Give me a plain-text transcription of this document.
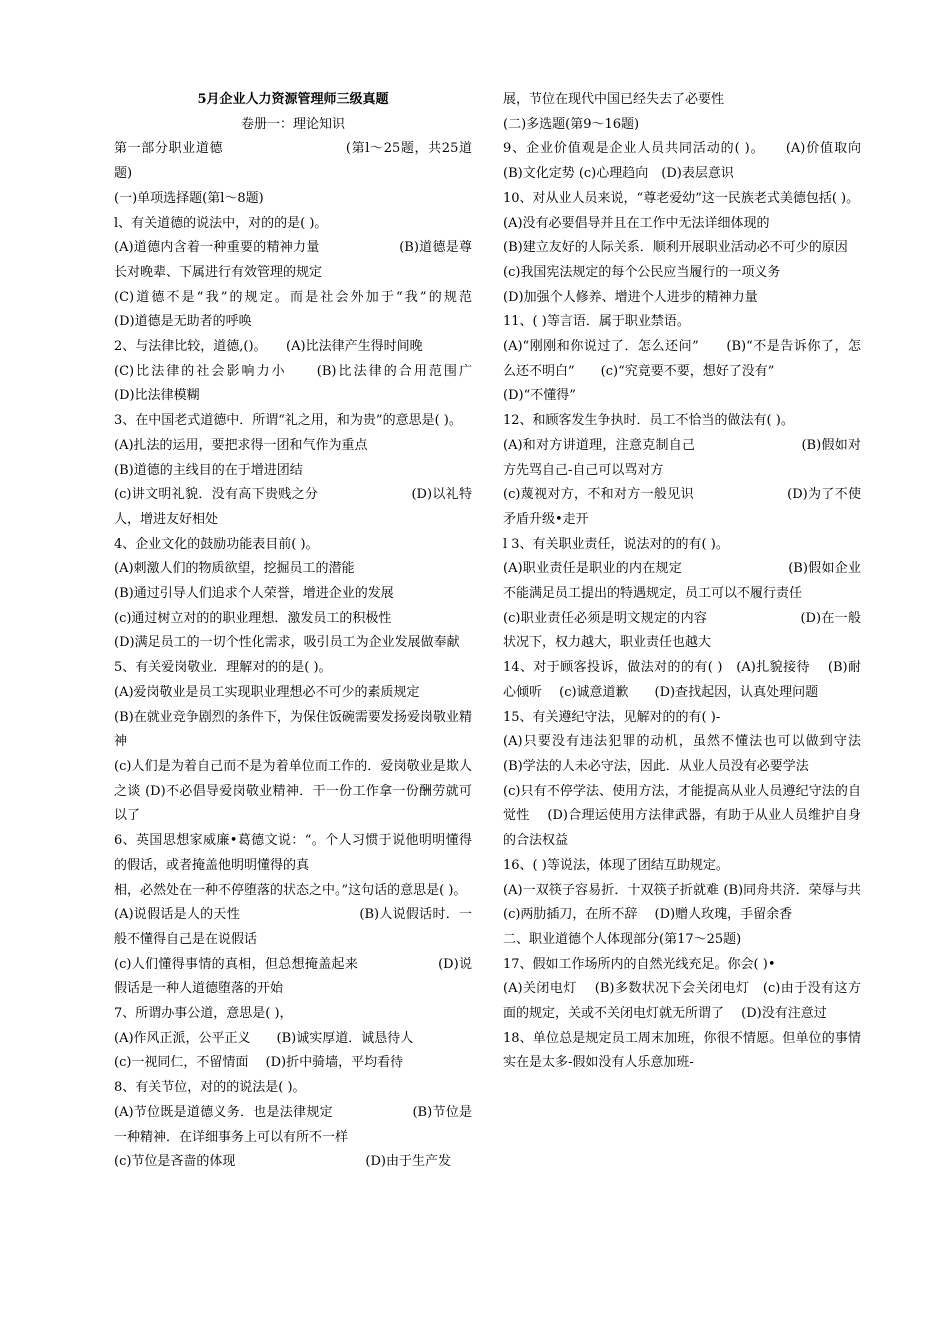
5月企业人力资源管理师三级真题

卷册一：理论知识

第一部分职业道德　　　　　　　　　(第l～25题，共25道题)

(一)单项选择题(第l～8题)

l、有关道德的说法中，对的的是( )。

(A)道德内含着一种重要的精神力量　　　　　　(B)道德是尊长对晚辈、下属进行有效管理的规定

(C)道德不是“我”的规定。而是社会外加于“我”的规范　　　(D)道德是无助者的呼唤

2、与法律比较，道德,()。　　(A)比法律产生得时间晚

(C)比法律的社会影响力小　　(B)比法律的合用范围广　　(D)比法律模糊

3、在中国老式道德中．所谓“礼之用，和为贵”的意思是( )。

(A)扎法的运用，要把求得一团和气作为重点

(B)道德的主线目的在于增进团结

(c)讲文明礼貌．没有高下贵贱之分　　　　　　　(D)以礼特人，增进友好相处

4、企业文化的鼓励功能表目前( )。

(A)刺激人们的物质欲望，挖掘员工的潜能

(B)通过引导人们追求个人荣誉，增进企业的发展

(c)通过树立对的的职业理想．激发员工的积极性

(D)满足员工的一切个性化需求，吸引员工为企业发展做奉献

5、有关爱岗敬业．理解对的的是( )。

(A)爱岗敬业是员工实现职业理想必不可少的素质规定

(B)在就业竞争剧烈的条件下，为保住饭碗需要发扬爱岗敬业精神

(c)人们是为着自己而不是为着单位而工作的．爱岗敬业是欺人之谈 (D)不必倡导爱岗敬业精神．干一份工作拿一份酬劳就可以了

6、英国思想家威廉•葛德文说：“。个人习惯于说他明明懂得的假话，或者掩盖他明明懂得的真

相，必然处在一种不停堕落的状态之中。”这句话的意思是( )。

(A)说假话是人的天性　　　　　　　　　(B)人说假话时．一般不懂得自己是在说假话

(c)人们懂得事情的真相，但总想掩盖起来　　　　　　(D)说假话是一种人道德堕落的开始

7、所谓办事公道，意思是( )，

(A)作风正派，公平正义　　(B)诚实厚道．诚恳待人

(c)一视同仁，不留情面　 (D)折中骑墙，平均看待

8、有关节位，对的的说法是( )。

(A)节位既是道德义务．也是法律规定　　　　　　(B)节位是一种精神．在详细事务上可以有所不一样

(c)节位是吝啬的体现　　　　　　　　　　(D)由于生产发

展，节位在现代中国已经失去了必要性

(二)多选题(第9～16题)

9、企业价值观是企业人员共同活动的( )。　　(A)价值取向 (B)文化定势 (c)心理趋向　(D)表层意识

10、对从业人员来说，“尊老爱幼”这一民族老式美德包括( )。

(A)没有必要倡导并且在工作中无法详细体现的

(B)建立友好的人际关系．顺利开展职业活动必不可少的原因

(c)我国宪法规定的每个公民应当履行的一项义务

(D)加强个人修养、增进个人进步的精神力量

11、( )等言语．属于职业禁语。

(A)“刚刚和你说过了．怎么还问”　　(B)“不是告诉你了，怎么还不明白”　　(c)“究竟要不要，想好了没有”

(D)“不懂得”

12、和顾客发生争执时．员工不恰当的做法有( )。

(A)和对方讲道理，注意克制自己　　　　　　　　(B)假如对方先骂自己-自己可以骂对方

(c)蔑视对方，不和对方一般见识　　　　　　　(D)为了不使矛盾升级•走开

l 3、有关职业责任，说法对的的有( )。

(A)职业责任是职业的内在规定　　　　　　　　(B)假如企业不能满足员工提出的特遇规定，员工可以不履行责任

(c)职业责任必须是明文规定的内容　　　　　　　(D)在一般状况下，权力越大，职业责任也越大

14、对于顾客投诉，做法对的的有( )　(A)扎貌接待　 (B)耐心倾听　 (c)诚意道歉　　(D)查找起因，认真处理问题

15、有关遵纪守法，见解对的的有( )-

(A)只要没有违法犯罪的动机，虽然不懂法也可以做到守法　　(B)学法的人未必守法，因此．从业人员没有必要学法

(c)只有不停学法、使用方法，才能提高从业人员遵纪守法的自觉性　 (D)合理运使用方法律武器，有助于从业人员维护自身的合法权益

16、( )等说法，体现了团结互助规定。

(A)一双筷子容易折．十双筷子折就难 (B)同舟共济．荣辱与共　 (c)两肋插刀，在所不辞　 (D)赠人玫瑰，手留余香

二、职业道德个人体现部分(第17～25题)

17、假如工作场所内的自然光线充足。你会( )•

(A)关闭电灯　 (B)多数状况下会关闭电灯　(c)由于没有这方面的规定，关或不关闭电灯就无所谓了　 (D)没有注意过

18、单位总是规定员工周末加班，你很不情愿。但单位的事情实在是太多-假如没有人乐意加班-
